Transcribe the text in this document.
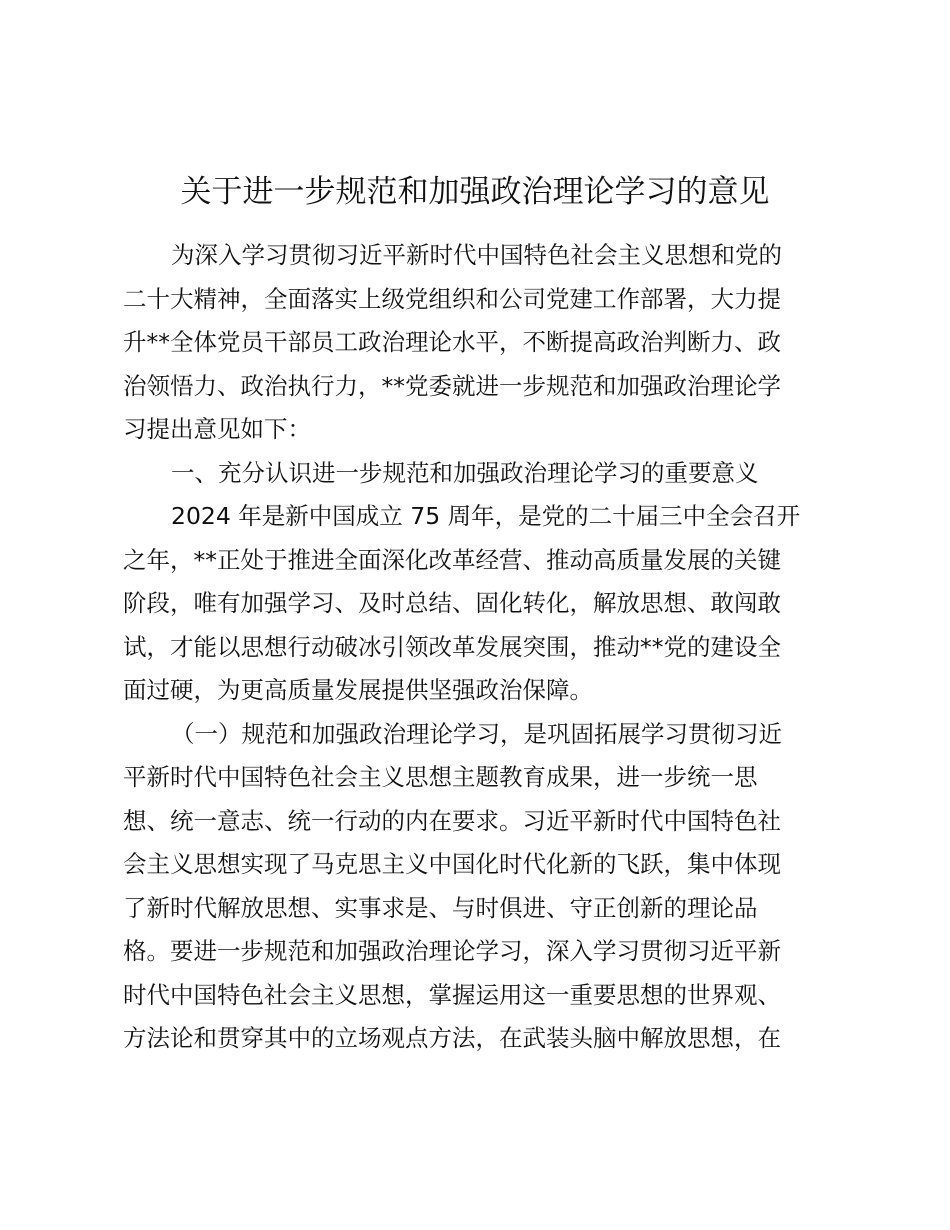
关于进一步规范和加强政治理论学习的意见
为深入学习贯彻习近平新时代中国特色社会主义思想和党的
二十大精神，全面落实上级党组织和公司党建工作部署，大力提
升**全体党员干部员工政治理论水平，不断提高政治判断力、政
治领悟力、政治执行力，**党委就进一步规范和加强政治理论学
习提出意见如下：
一、充分认识进一步规范和加强政治理论学习的重要意义
2024 年是新中国成立 75 周年，是党的二十届三中全会召开
之年，**正处于推进全面深化改革经营、推动高质量发展的关键
阶段，唯有加强学习、及时总结、固化转化，解放思想、敢闯敢
试，才能以思想行动破冰引领改革发展突围，推动**党的建设全
面过硬，为更高质量发展提供坚强政治保障。
（一）规范和加强政治理论学习，是巩固拓展学习贯彻习近
平新时代中国特色社会主义思想主题教育成果，进一步统一思
想、统一意志、统一行动的内在要求。习近平新时代中国特色社
会主义思想实现了马克思主义中国化时代化新的飞跃，集中体现
了新时代解放思想、实事求是、与时俱进、守正创新的理论品
格。要进一步规范和加强政治理论学习，深入学习贯彻习近平新
时代中国特色社会主义思想，掌握运用这一重要思想的世界观、
方法论和贯穿其中的立场观点方法，在武装头脑中解放思想，在
